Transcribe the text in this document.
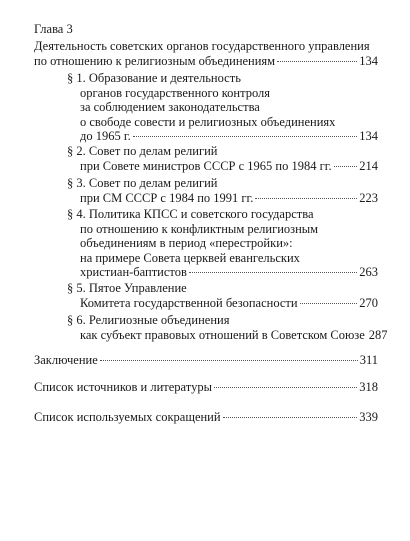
Глава 3
Деятельность советских органов государственного управления
по отношению к религиозным объединениям	134
§ 1. Образование и деятельность
органов государственного контроля
за соблюдением законодательства
о свободе совести и религиозных объединениях
до 1965 г.	134
§ 2. Совет по делам религий
при Совете министров СССР с 1965 по 1984 гг. 214
§ 3. Совет по делам религий
при СМ СССР с 1984 по 1991 гг.	223
§ 4. Политика КПСС и советского государства
по отношению к конфликтным религиозным
объединениям в период «перестройки»:
на примере Совета церквей евангельских
христиан-баптистов	263
§ 5. Пятое Управление
Комитета государственной безопасности	270
§ 6. Религиозные объединения
как субъект правовых отношений в Советском Союзе 287
Заключение	311
Список источников и литературы	318
Список используемых сокращений	339
